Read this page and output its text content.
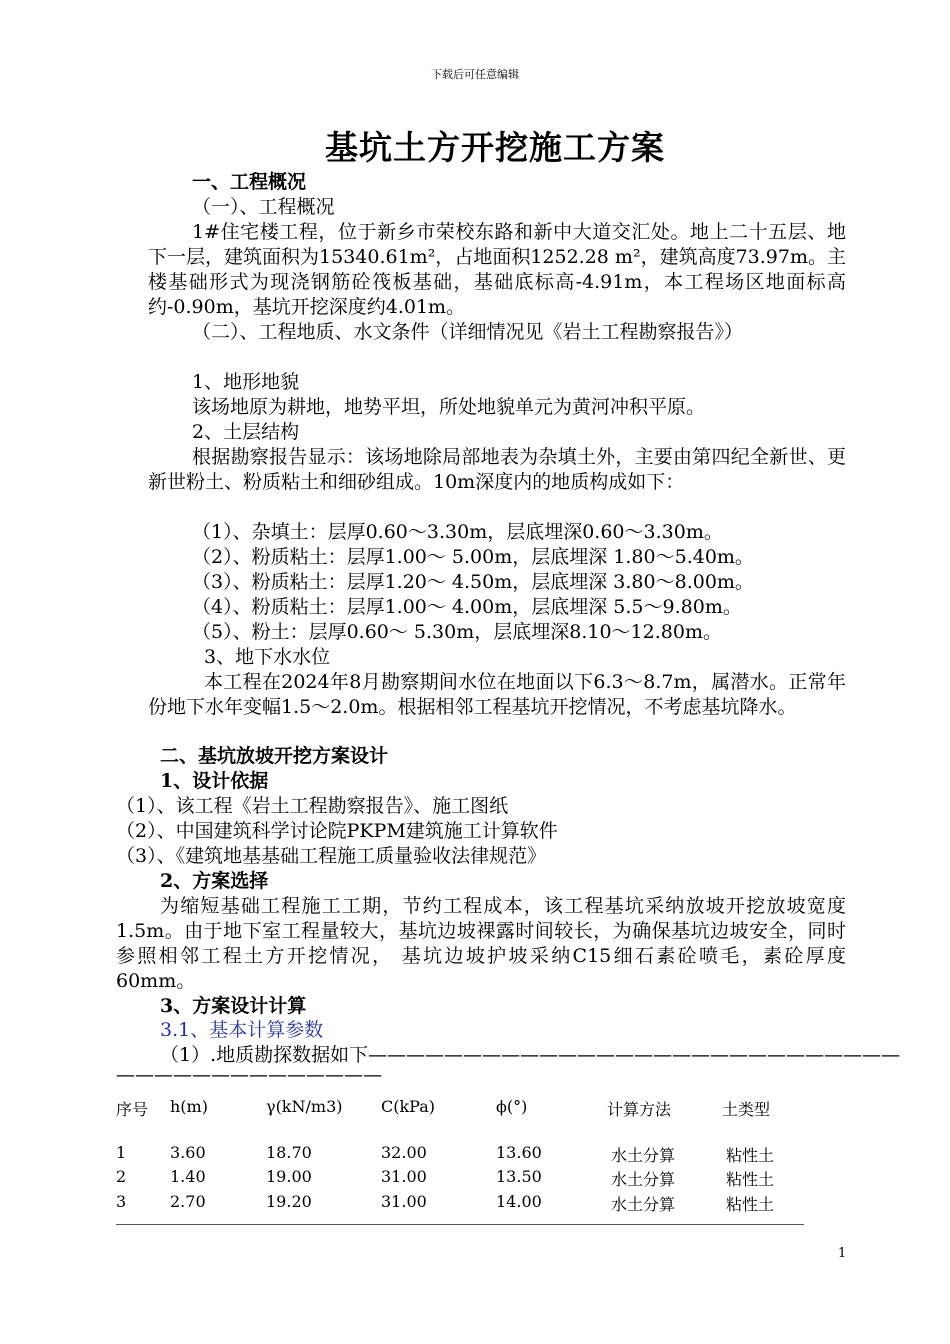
下载后可任意编辑
基坑土方开挖施工方案
一、工程概况
（一）、工程概况
1#住宅楼工程，位于新乡市荣校东路和新中大道交汇处。地上二十五层、地下一层，建筑面积为15340.61m²，占地面积1252.28 m²，建筑高度73.97m。主楼基础形式为现浇钢筋砼筏板基础，基础底标高-4.91m，本工程场区地面标高约-0.90m，基坑开挖深度约4.01m。
（二）、工程地质、水文条件（详细情况见《岩土工程勘察报告》）
1、地形地貌
该场地原为耕地，地势平坦，所处地貌单元为黄河冲积平原。
2、土层结构
根据勘察报告显示：该场地除局部地表为杂填土外，主要由第四纪全新世、更新世粉土、粉质粘土和细砂组成。10m深度内的地质构成如下：
（1）、杂填土：层厚0.60～3.30m，层底埋深0.60～3.30m。
（2）、粉质粘土：层厚1.00～ 5.00m，层底埋深 1.80～5.40m。
（3）、粉质粘土：层厚1.20～ 4.50m，层底埋深 3.80～8.00m。
（4）、粉质粘土：层厚1.00～ 4.00m，层底埋深 5.5～9.80m。
（5）、粉土：层厚0.60～ 5.30m，层底埋深8.10～12.80m。
3、地下水水位
本工程在2024年8月勘察期间水位在地面以下6.3～8.7m，属潜水。正常年份地下水年变幅1.5～2.0m。根据相邻工程基坑开挖情况，不考虑基坑降水。
二、基坑放坡开挖方案设计
1、设计依据
（1）、该工程《岩土工程勘察报告》、施工图纸
（2）、中国建筑科学讨论院PKPM建筑施工计算软件
（3）、《建筑地基基础工程施工质量验收法律规范》
2、方案选择
为缩短基础工程施工工期，节约工程成本，该工程基坑采纳放坡开挖放坡宽度1.5m。由于地下室工程量较大，基坑边坡裸露时间较长，为确保基坑边坡安全，同时参照相邻工程土方开挖情况， 基坑边坡护坡采纳C15细石素砼喷毛，素砼厚度 60mm。
3、方案设计计算
3.1、基本计算参数
（1）.地质勘探数据如下————————————————————————————
——————————————
序号 h(m)	γ(kN/m3) C(kPa)	ϕ(°)	计算方法	土类型
1	3.60	18.70	32.00	13.60	水土分算	粘性土
2	1.40	19.00	31.00	13.50	水土分算	粘性土
3	2.70	19.20	31.00	14.00	水土分算	粘性土
1
